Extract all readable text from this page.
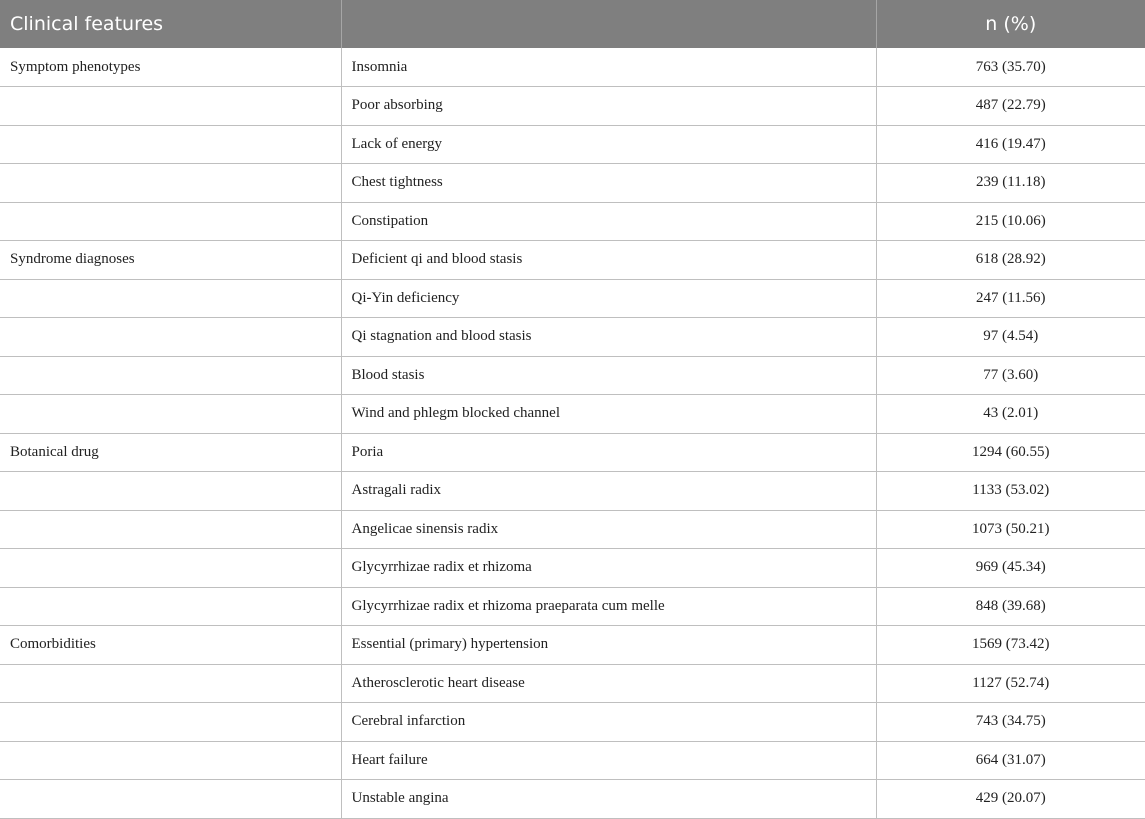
Clinical features		n (%)
Symptom phenotypes	Insomnia	763 (35.70)
	Poor absorbing	487 (22.79)
	Lack of energy	416 (19.47)
	Chest tightness	239 (11.18)
	Constipation	215 (10.06)
Syndrome diagnoses	Deficient qi and blood stasis	618 (28.92)
	Qi-Yin deficiency	247 (11.56)
	Qi stagnation and blood stasis	97 (4.54)
	Blood stasis	77 (3.60)
	Wind and phlegm blocked channel	43 (2.01)
Botanical drug	Poria	1294 (60.55)
	Astragali radix	1133 (53.02)
	Angelicae sinensis radix	1073 (50.21)
	Glycyrrhizae radix et rhizoma	969 (45.34)
	Glycyrrhizae radix et rhizoma praeparata cum melle	848 (39.68)
Comorbidities	Essential (primary) hypertension	1569 (73.42)
	Atherosclerotic heart disease	1127 (52.74)
	Cerebral infarction	743 (34.75)
	Heart failure	664 (31.07)
	Unstable angina	429 (20.07)
